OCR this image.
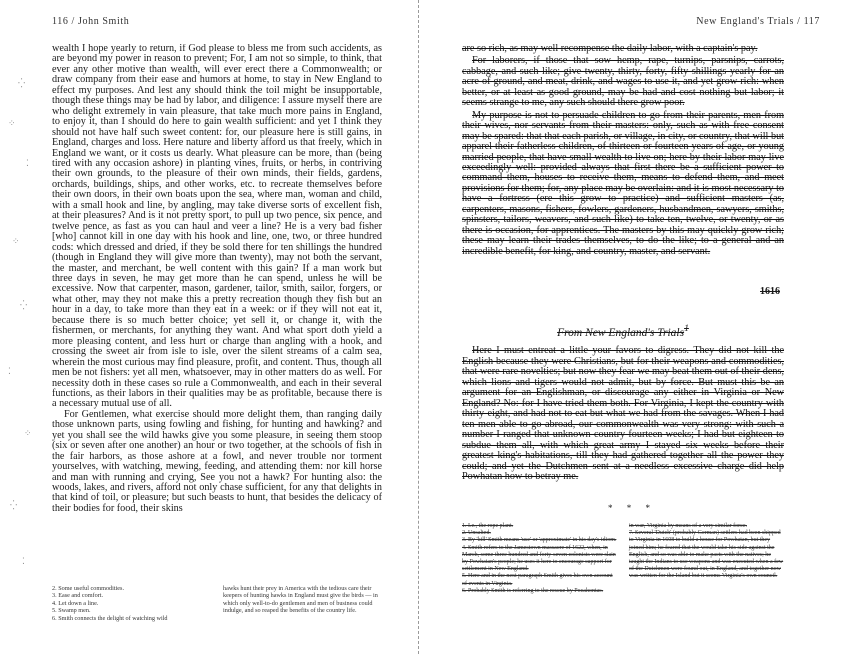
116 / John Smith
⁛
⁘
⁚
⁘
⁛
⁚
⁘
⁛
⁚

wealth I hope yearly to return, if God please to bless me from such accidents, as are beyond my power in reason to prevent; For, I am not so simple, to think, that ever any other motive than wealth, will ever erect there a Commonwealth; or draw company from their ease and humors at home, to stay in New England to effect my purposes. And lest any should think the toil might be insupportable, though these things may be had by labor, and diligence: I assure myself there are who delight extremely in vain pleasure, that take much more pains in England, to enjoy it, than I should do here to gain wealth sufficient: and yet I think they should not have half such sweet content: for, our pleasure here is still gains, in England, charges and loss. Here nature and liberty afford us that freely, which in England we want, or it costs us dearly. What pleasure can be more, than (being tired with any occasion ashore) in planting vines, fruits, or herbs, in contriving their own grounds, to the pleasure of their own minds, their fields, gardens, orchards, buildings, ships, and other works, etc. to recreate themselves before their own doors, in their own boats upon the sea, where man, woman and child, with a small hook and line, by angling, may take diverse sorts of excellent fish, at their pleasures? And is it not pretty sport, to pull up two pence, six pence, and twelve pence, as fast as you can haul and veer a line? He is a very bad fisher [who] cannot kill in one day with his hook and line, one, two, or three hundred cods: which dressed and dried, if they be sold there for ten shillings the hundred (though in England they will give more than twenty), may not both the servant, the master, and merchant, be well content with this gain? If a man work but three days in seven, he may get more than he can spend, unless he will be excessive. Now that carpenter, mason, gardener, tailor, smith, sailor, forgers, or what other, may they not make this a pretty recreation though they fish but an hour in a day, to take more than they eat in a week: or if they will not eat it, because there is so much better choice; yet sell it, or change it, with the fishermen, or merchants, for anything they want. And what sport doth yield a more pleasing content, and less hurt or charge than angling with a hook, and crossing the sweet air from isle to isle, over the silent streams of a calm sea, wherein the most curious may find pleasure, profit, and content. Thus, though all men be not fishers: yet all men, whatsoever, may in other matters do as well. For necessity doth in these cases so rule a Commonwealth, and each in their several functions, as their labors in their qualities may be as profitable, because there is a necessary mutual use of all.

For Gentlemen, what exercise should more delight them, than ranging daily those unknown parts, using fowling and fishing, for hunting and hawking? and yet you shall see the wild hawks give you some pleasure, in seeing them stoop (six or seven after one another) an hour or two together, at the schools of fish in the fair harbors, as those ashore at a fowl, and never trouble nor torment yourselves, with watching, mewing, feeding, and attending them: nor kill horse and man with running and crying, See you not a hawk? For hunting also: the woods, lakes, and rivers, afford not only chase sufficient, for any that delights in that kind of toil, or pleasure; but such beasts to hunt, that besides the delicacy of their bodies for food, their skins

2. Some useful commodities.
3. Ease and comfort.
4. Let down a line.
5. Swamp men.
6. Smith connects the delight of watching wild
hawks hunt their prey in America with the tedious care their keepers of hunting hawks in England must give the birds — in which only well-to-do gentlemen and men of business could indulge, and so reaped the benefits of the country life.
New England's Trials / 117

are so rich, as may well recompense the daily labor, with a captain's pay.

For laborers, if those that sow hemp, rape, turnips, parsnips, carrots, cabbage, and such like; give twenty, thirty, forty, fifty shillings yearly for an acre of ground, and meat, drink, and wages to use it, and yet grow rich: when better, or at least as good ground, may be had and cost nothing but labor; it seems strange to me, any such should there grow poor.

My purpose is not to persuade children to go from their parents, men from their wives, nor servants from their masters: only, such as with free consent may be spared: that that each parish, or village, in city, or country, that will but apparel their fatherless children, of thirteen or fourteen years of age, or young married people, that have small wealth to live on; here by their labor may live exceedingly well: provided always that first there be a sufficient power to command them, houses to receive them, means to defend them, and meet provisions for them; for, any place may be overlain: and it is most necessary to have a fortress (ere this grow to practice) and sufficient masters (as, carpenters, masons, fishers, fowlers, gardeners, husbandmen, sawyers, smiths, spinsters, tailors, weavers, and such like) to take ten, twelve, or twenty, or as there is occasion, for apprentices. The masters by this may quickly grow rich; these may learn their trades themselves, to do the like; to a general and an incredible benefit, for king, and country, master, and servant.

1616
From New England's Trials$^1$

Here I must entreat a little your favors to digress. They did not kill the English because they were Christians, but for their weapons and commodities, that were rare novelties; but now they fear we may beat them out of their dens, which lions and tigers would not admit, but by force. But must this be an argument for an Englishman, or discourage any either in Virginia or New England? No: for I have tried them both. For Virginia, I kept the country with thirty-eight, and had not to eat but what we had from the savages. When I had ten men able to go abroad, our commonwealth was very strong: with such a number I ranged that unknown country fourteen weeks; I had but eighteen to subdue them all, with which great army I stayed six weeks before their greatest king's habitations, till they had gathered together all the power they could; and yet the Dutchmen sent at a needless excessive charge did help Powhatan how to betray me.

* * *
1. I.e., the rope plant.
2. Unsalted.
3. By 'kill' Smith means 'use' or 'approximate' in his day's idiom.
4. Smith refers to the Jamestown massacre of 1622, when, in March, some three hundred and forty-seven colonists were slain by Powhatan's people; he uses it here to encourage support for settlement in New England.
5. Here and in the next paragraph Smith gives his own account of events in Virginia.
6. Probably Smith is referring to the rescue by Pocahontas.
in war, Virginia by means of a very similar force.
7. Several 'Dutch' (probably German) settlers had been shipped to Virginia in 1608 to build a house for Powhatan, but they joined him; he feared that the would take his side against the English, and so was able to make pacts with the natives; he taught the Indians to use weapons and was executed when a few of the Dutchmen were found out, in England, and together now was written for the Island but it seems Virginia's own council.
